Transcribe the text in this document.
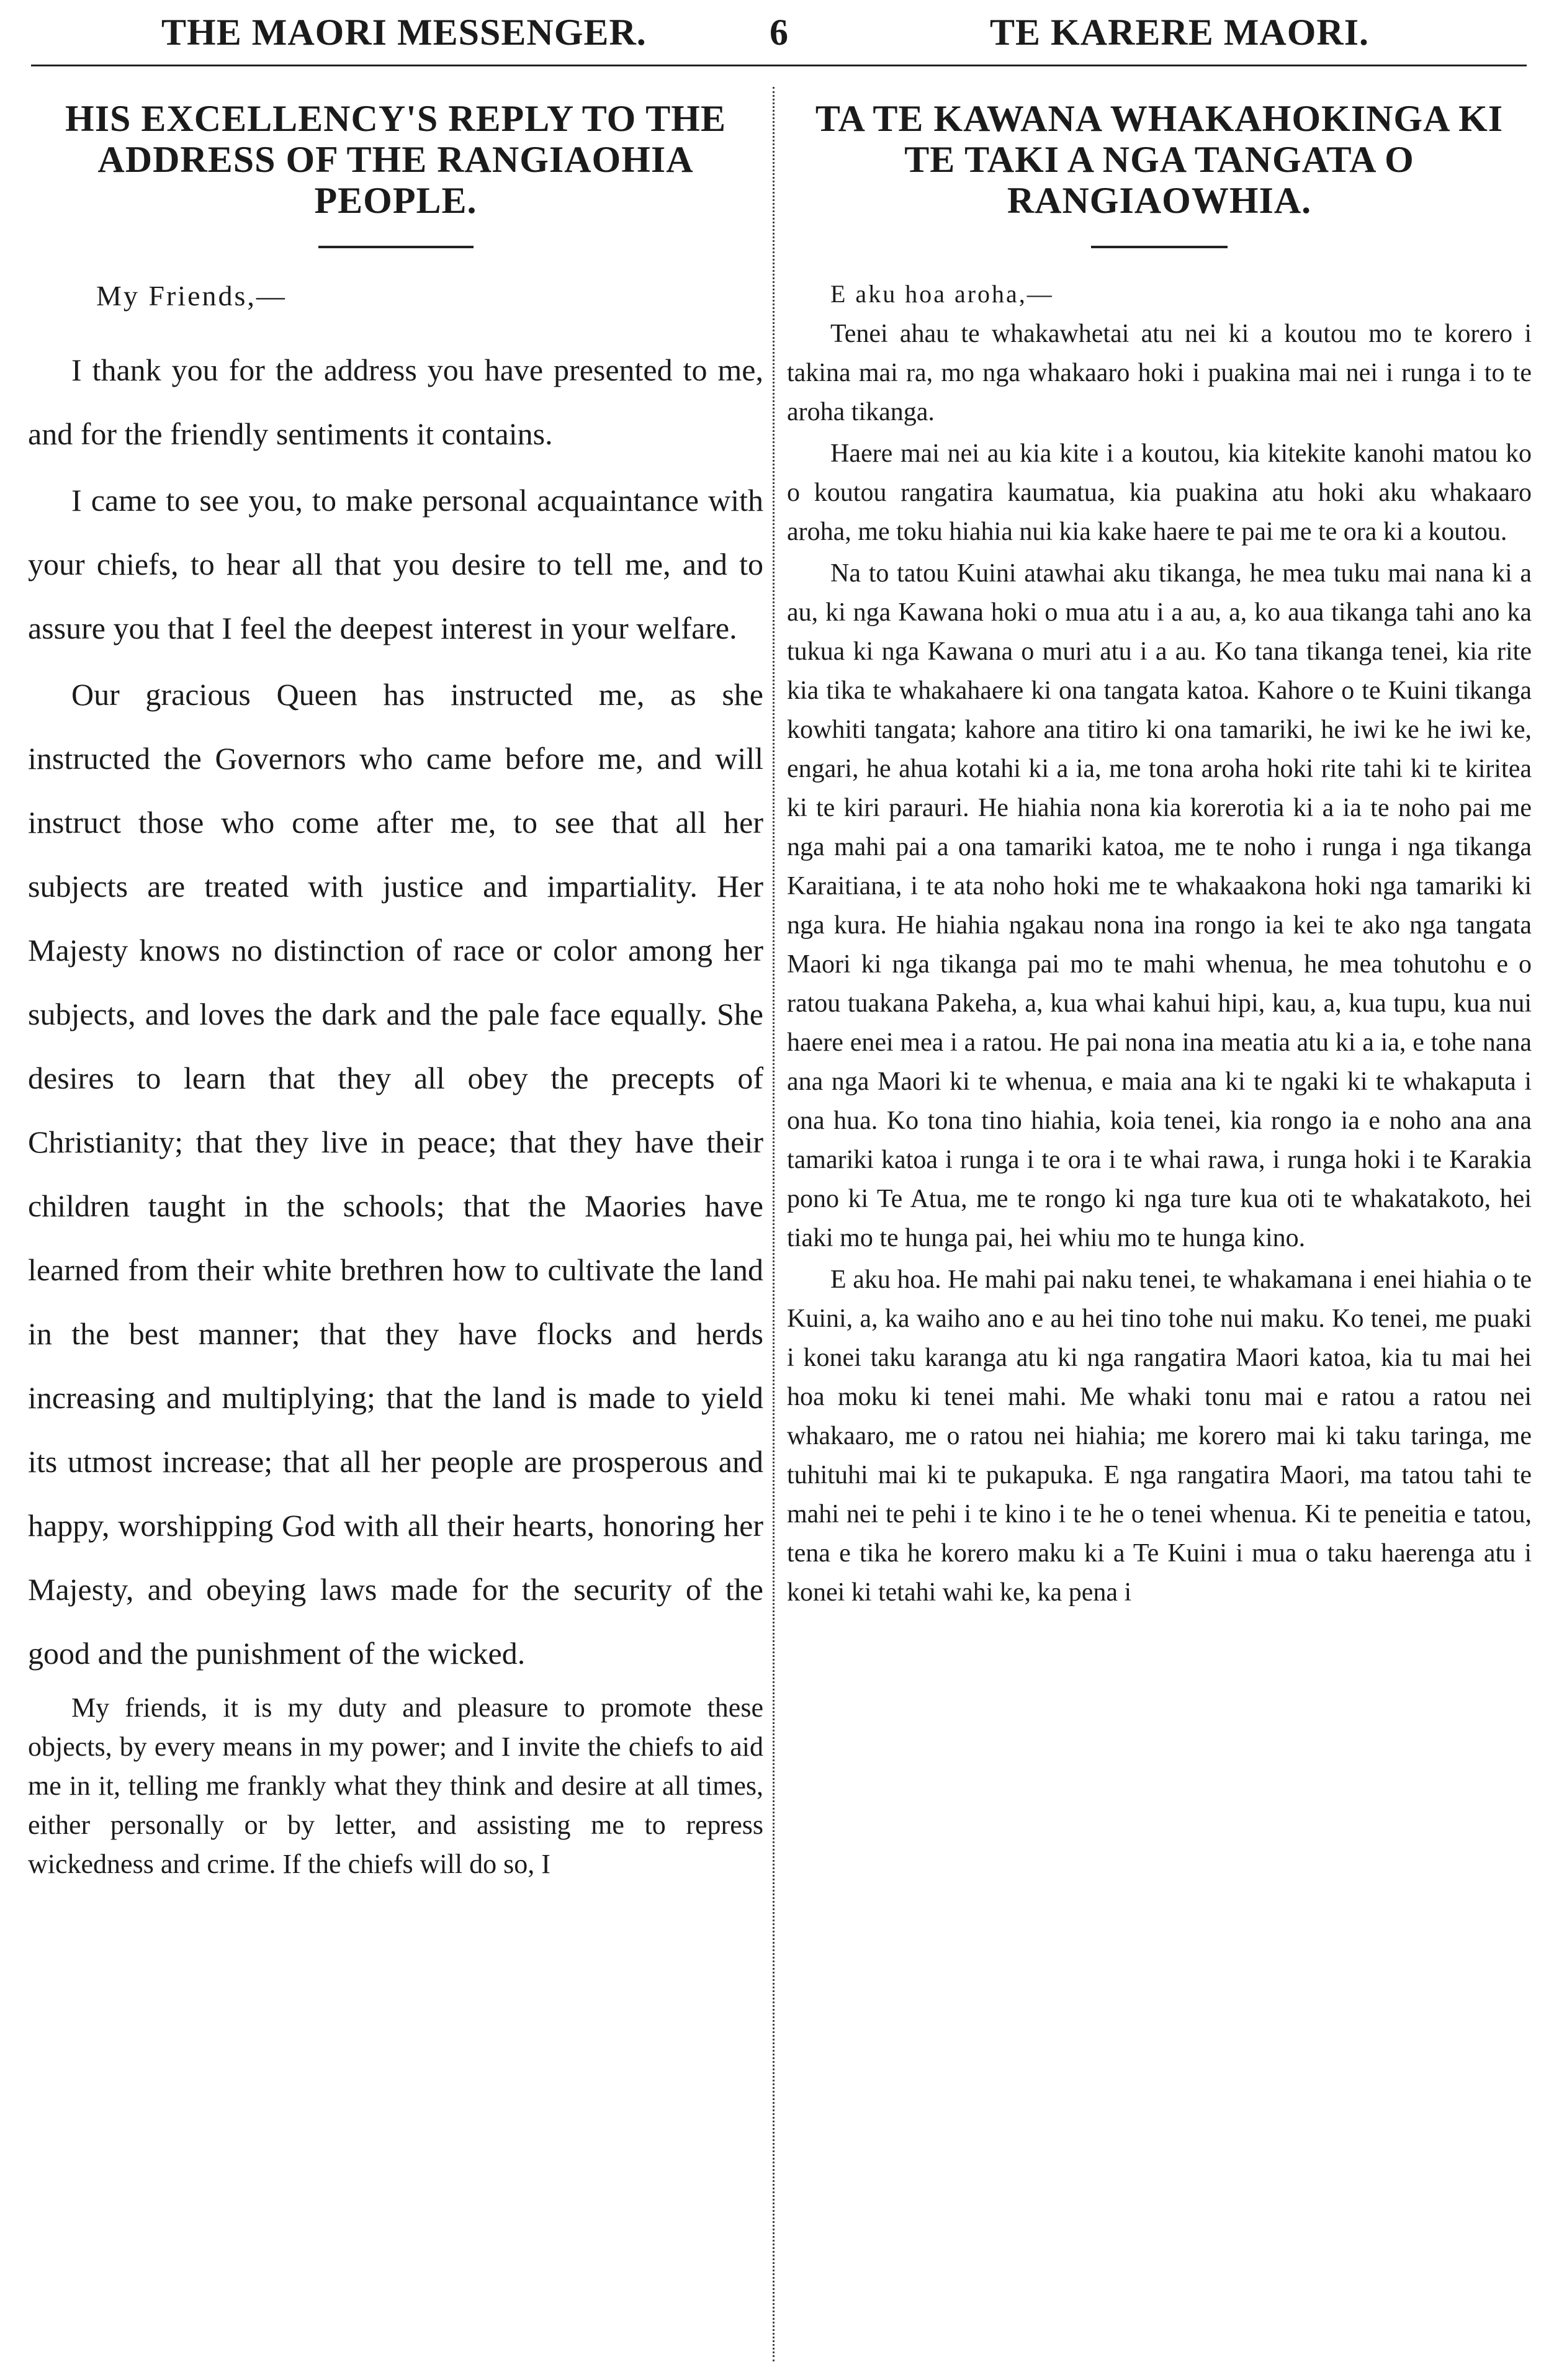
THE MAORI MESSENGER.	6	TE KARERE MAORI.
HIS EXCELLENCY'S REPLY TO THE ADDRESS OF THE RANGIAOHIA PEOPLE.
My Friends,—

I thank you for the address you have presented to me, and for the friendly sentiments it contains.

I came to see you, to make personal acquaintance with your chiefs, to hear all that you desire to tell me, and to assure you that I feel the deepest interest in your welfare.

Our gracious Queen has instructed me, as she instructed the Governors who came before me, and will instruct those who come after me, to see that all her subjects are treated with justice and impartiality. Her Majesty knows no distinction of race or color among her subjects, and loves the dark and the pale face equally. She desires to learn that they all obey the precepts of Christianity; that they live in peace; that they have their children taught in the schools; that the Maories have learned from their white brethren how to cultivate the land in the best manner; that they have flocks and herds increasing and multiplying; that the land is made to yield its utmost increase; that all her people are prosperous and happy, worshipping God with all their hearts, honoring her Majesty, and obeying laws made for the security of the good and the punishment of the wicked.

My friends, it is my duty and pleasure to promote these objects, by every means in my power; and I invite the chiefs to aid me in it, telling me frankly what they think and desire at all times, either personally or by letter, and assisting me to repress wickedness and crime. If the chiefs will do so, I

TA TE KAWANA WHAKAHOKINGA KI TE TAKI A NGA TANGATA O RANGIAOWHIA.
E aku hoa aroha,—

Tenei ahau te whakawhetai atu nei ki a koutou mo te korero i takina mai ra, mo nga whakaaro hoki i puakina mai nei i runga i to te aroha tikanga.

Haere mai nei au kia kite i a koutou, kia kitekite kanohi matou ko o koutou rangatira kaumatua, kia puakina atu hoki aku whakaaro aroha, me toku hiahia nui kia kake haere te pai me te ora ki a koutou.

Na to tatou Kuini atawhai aku tikanga, he mea tuku mai nana ki a au, ki nga Kawana hoki o mua atu i a au, a, ko aua tikanga tahi ano ka tukua ki nga Kawana o muri atu i a au. Ko tana tikanga tenei, kia rite kia tika te whakahaere ki ona tangata katoa. Kahore o te Kuini tikanga kowhiti tangata; kahore ana titiro ki ona tamariki, he iwi ke he iwi ke, engari, he ahua kotahi ki a ia, me tona aroha hoki rite tahi ki te kiritea ki te kiri parauri. He hiahia nona kia korerotia ki a ia te noho pai me nga mahi pai a ona tamariki katoa, me te noho i runga i nga tikanga Karaitiana, i te ata noho hoki me te whakaakona hoki nga tamariki ki nga kura. He hiahia ngakau nona ina rongo ia kei te ako nga tangata Maori ki nga tikanga pai mo te mahi whenua, he mea tohutohu e o ratou tuakana Pakeha, a, kua whai kahui hipi, kau, a, kua tupu, kua nui haere enei mea i a ratou. He pai nona ina meatia atu ki a ia, e tohe nana ana nga Maori ki te whenua, e maia ana ki te ngaki ki te whakaputa i ona hua. Ko tona tino hiahia, koia tenei, kia rongo ia e noho ana ana tamariki katoa i runga i te ora i te whai rawa, i runga hoki i te Karakia pono ki Te Atua, me te rongo ki nga ture kua oti te whakatakoto, hei tiaki mo te hunga pai, hei whiu mo te hunga kino.

E aku hoa. He mahi pai naku tenei, te whakamana i enei hiahia o te Kuini, a, ka waiho ano e au hei tino tohe nui maku. Ko tenei, me puaki i konei taku karanga atu ki nga rangatira Maori katoa, kia tu mai hei hoa moku ki tenei mahi. Me whaki tonu mai e ratou a ratou nei whakaaro, me o ratou nei hiahia; me korero mai ki taku taringa, me tuhituhi mai ki te pukapuka. E nga rangatira Maori, ma tatou tahi te mahi nei te pehi i te kino i te he o tenei whenua. Ki te peneitia e tatou, tena e tika he korero maku ki a Te Kuini i mua o taku haerenga atu i konei ki tetahi wahi ke, ka pena i
